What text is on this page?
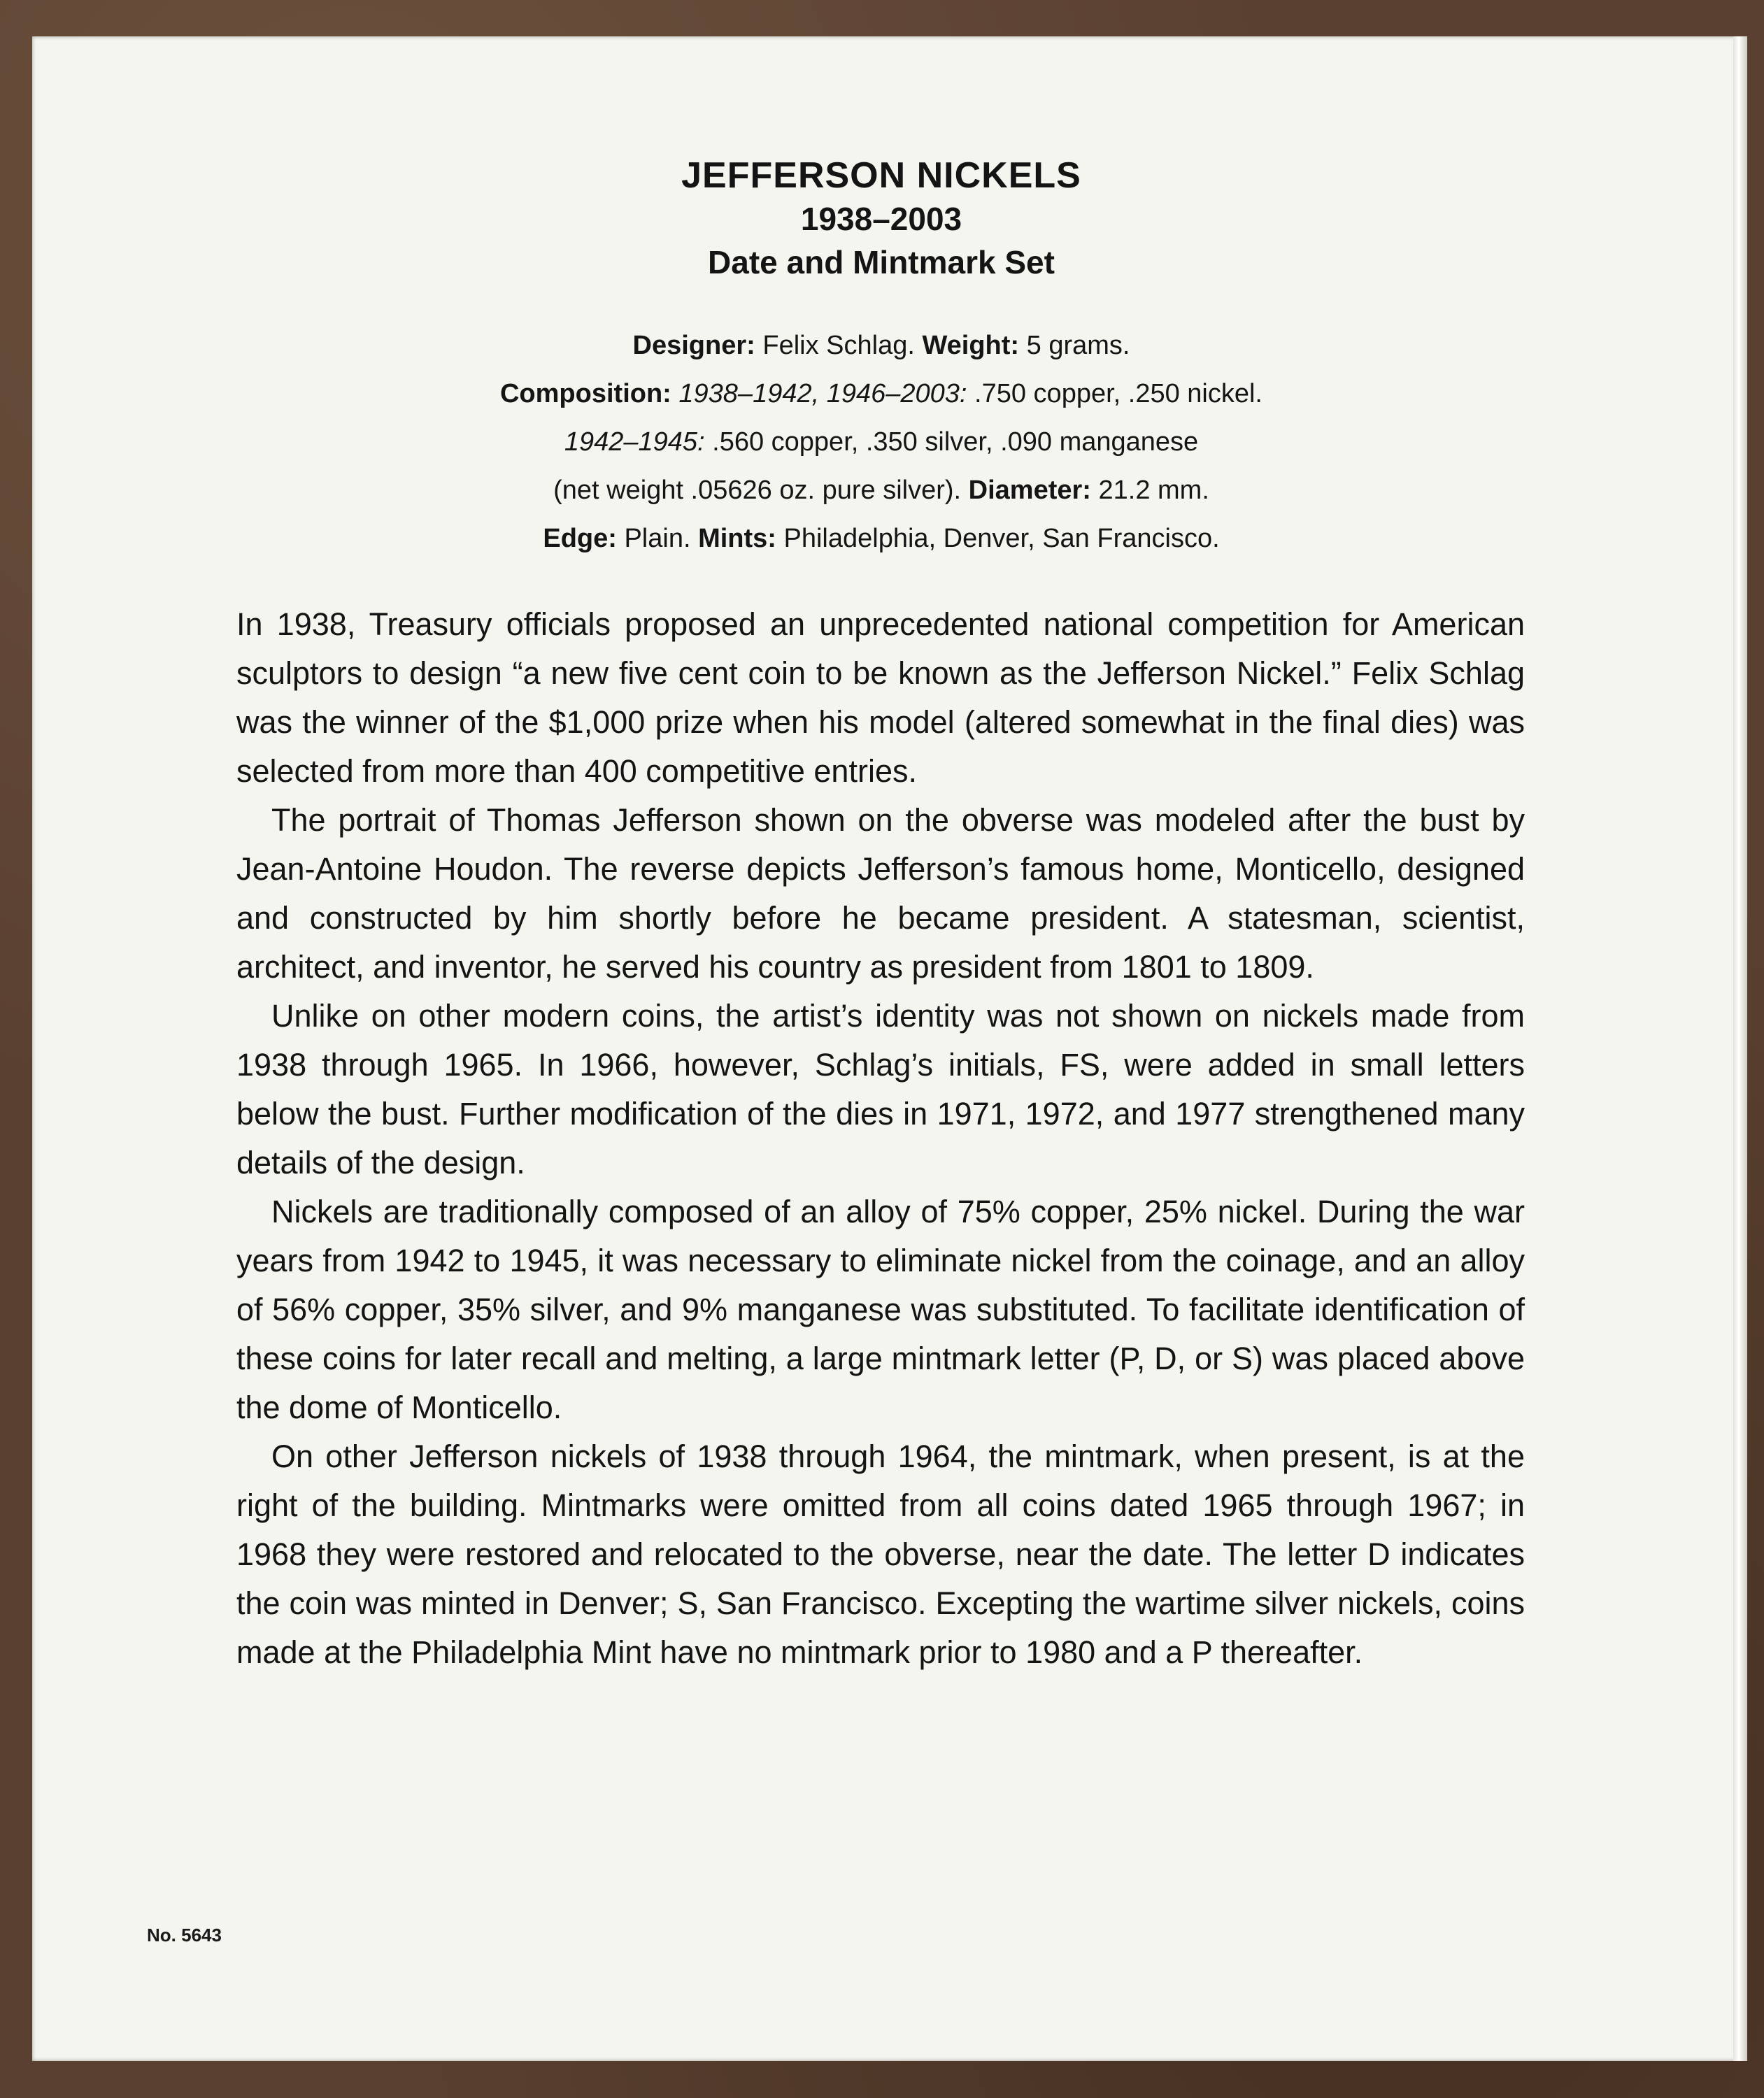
JEFFERSON NICKELS

1938–2003

Date and Mintmark Set

Designer: Felix Schlag. Weight: 5 grams.
Composition: 1938–1942, 1946–2003: .750 copper, .250 nickel.
1942–1945: .560 copper, .350 silver, .090 manganese
(net weight .05626 oz. pure silver). Diameter: 21.2 mm.
Edge: Plain. Mints: Philadelphia, Denver, San Francisco.

In 1938, Treasury officials proposed an unprecedented national competition for American sculptors to design “a new five cent coin to be known as the Jefferson Nickel.” Felix Schlag was the winner of the $1,000 prize when his model (altered somewhat in the final dies) was selected from more than 400 competitive entries.

The portrait of Thomas Jefferson shown on the obverse was modeled after the bust by Jean-Antoine Houdon. The reverse depicts Jefferson’s famous home, Monticello, designed and constructed by him shortly before he became president. A statesman, scientist, architect, and inventor, he served his country as president from 1801 to 1809.

Unlike on other modern coins, the artist’s identity was not shown on nickels made from 1938 through 1965. In 1966, however, Schlag’s initials, FS, were added in small letters below the bust. Further modification of the dies in 1971, 1972, and 1977 strengthened many details of the design.

Nickels are traditionally composed of an alloy of 75% copper, 25% nickel. During the war years from 1942 to 1945, it was necessary to eliminate nickel from the coinage, and an alloy of 56% copper, 35% silver, and 9% manganese was substituted. To facilitate identification of these coins for later recall and melting, a large mintmark letter (P, D, or S) was placed above the dome of Monticello.

On other Jefferson nickels of 1938 through 1964, the mintmark, when present, is at the right of the building. Mintmarks were omitted from all coins dated 1965 through 1967; in 1968 they were restored and relocated to the obverse, near the date. The letter D indicates the coin was minted in Denver; S, San Francisco. Excepting the wartime silver nickels, coins made at the Philadelphia Mint have no mintmark prior to 1980 and a P thereafter.

No. 5643
